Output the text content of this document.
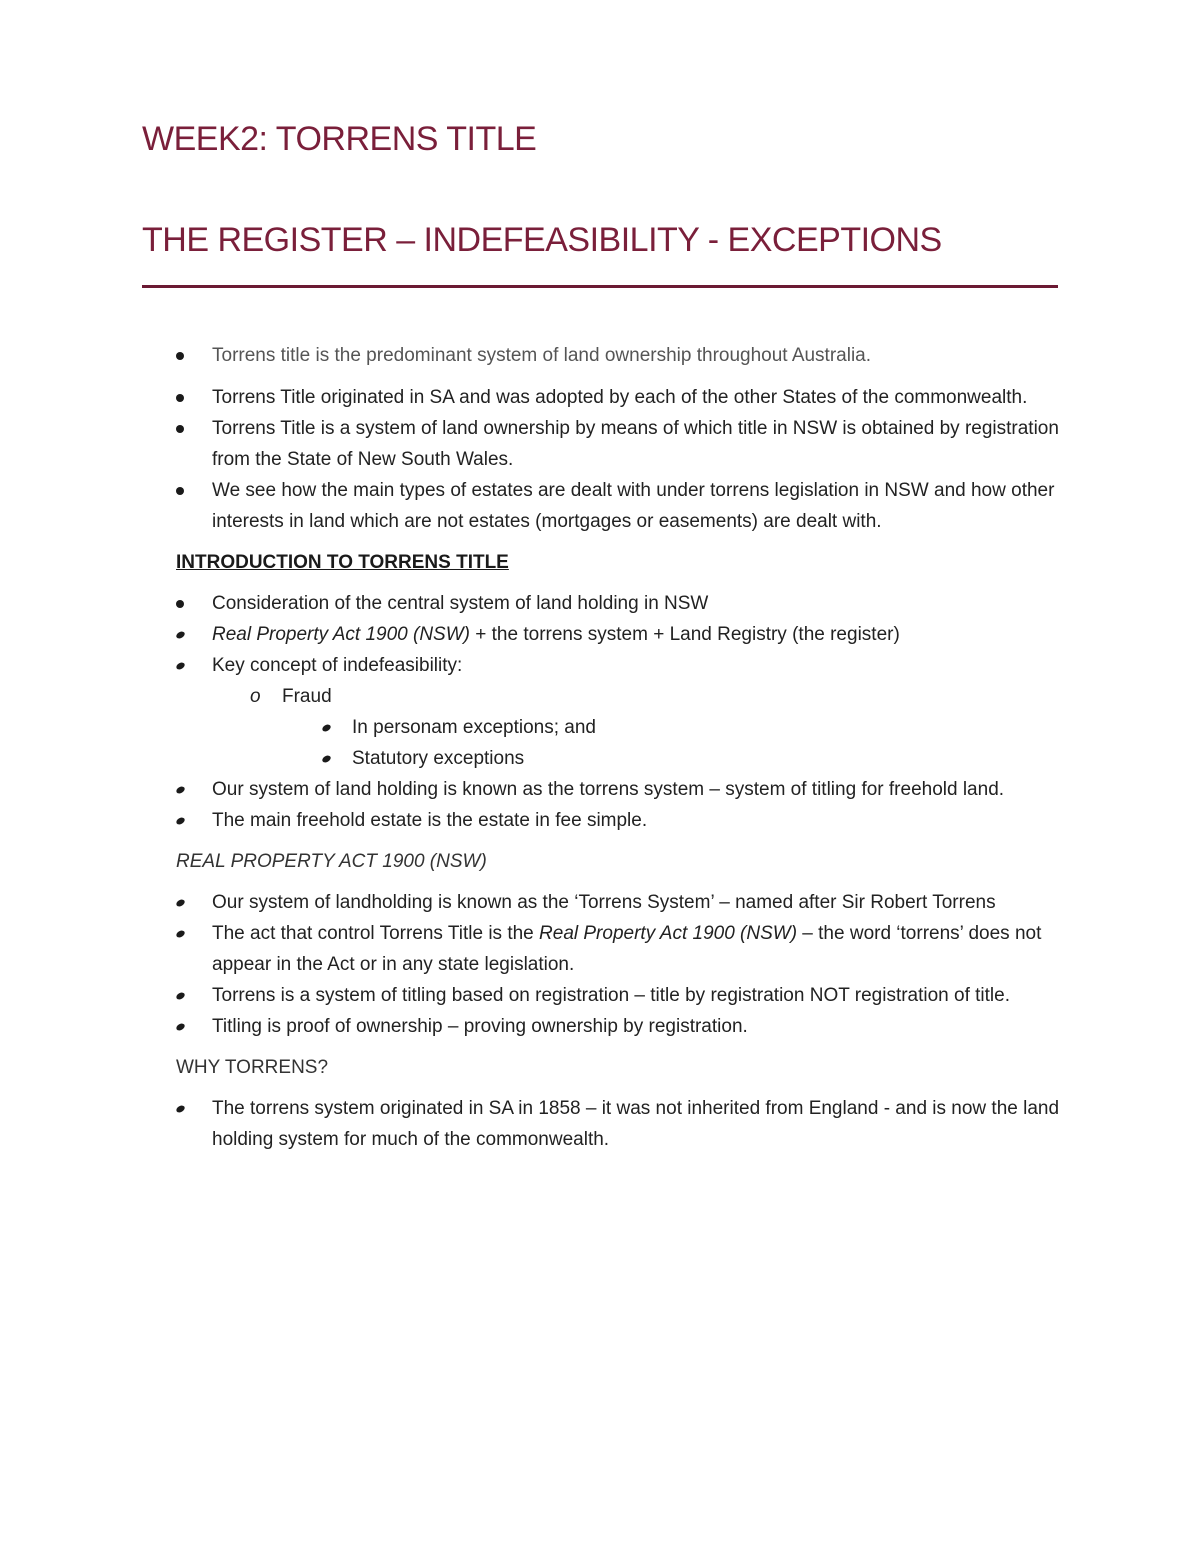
WEEK2: TORRENS TITLE
THE REGISTER – INDEFEASIBILITY - EXCEPTIONS

Torrens title is the predominant system of land ownership throughout Australia.

Torrens Title originated in SA and was adopted by each of the other States of the commonwealth.

Torrens Title is a system of land ownership by means of which title in NSW is obtained by registration from the State of New South Wales.

We see how the main types of estates are dealt with under torrens legislation in NSW and how other interests in land which are not estates (mortgages or easements) are dealt with.

INTRODUCTION TO TORRENS TITLE

Consideration of the central system of land holding in NSW

Real Property Act 1900 (NSW) + the torrens system + Land Registry (the register)

Key concept of indefeasibility:

o Fraud

In personam exceptions; and

Statutory exceptions

Our system of land holding is known as the torrens system – system of titling for freehold land.

The main freehold estate is the estate in fee simple.

REAL PROPERTY ACT 1900 (NSW)

Our system of landholding is known as the ‘Torrens System’ – named after Sir Robert Torrens

The act that control Torrens Title is the Real Property Act 1900 (NSW) – the word ‘torrens’ does not appear in the Act or in any state legislation.

Torrens is a system of titling based on registration – title by registration NOT registration of title.

Titling is proof of ownership – proving ownership by registration.

WHY TORRENS?

The torrens system originated in SA in 1858 – it was not inherited from England - and is now the land holding system for much of the commonwealth.
